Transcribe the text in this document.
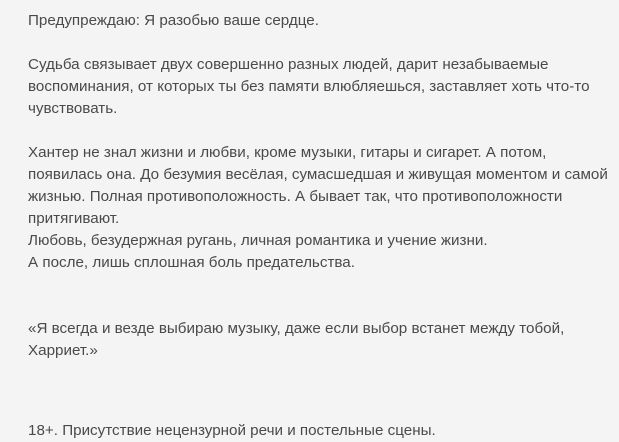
Предупреждаю: Я разобью ваше сердце.
Судьба связывает двух совершенно разных людей, дарит незабываемые
воспоминания, от которых ты без памяти влюбляешься, заставляет хоть что-то
чувствовать.
Хантер не знал жизни и любви, кроме музыки, гитары и сигарет. А потом,
появилась она. До безумия весёлая, сумасшедшая и живущая моментом и самой
жизнью. Полная противоположность. А бывает так, что противоположности
притягивают.
Любовь, безудержная ругань, личная романтика и учение жизни.
А после, лишь сплошная боль предательства.
«Я всегда и везде выбираю музыку, даже если выбор встанет между тобой,
Харриет.»
18+. Присутствие нецензурной речи и постельные сцены.
